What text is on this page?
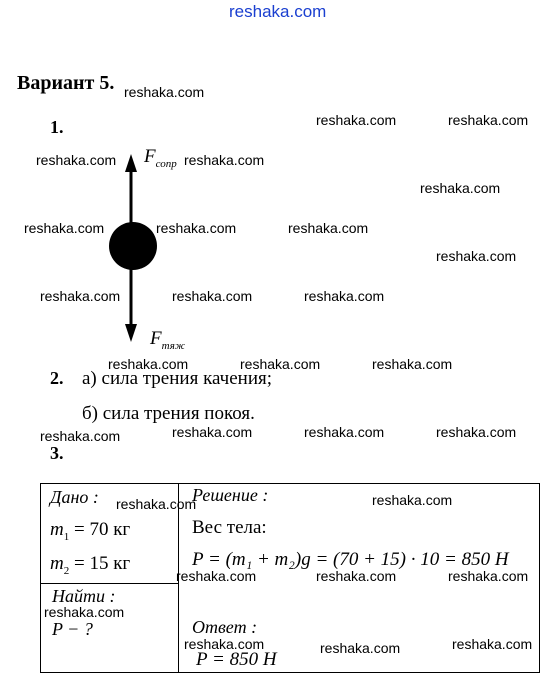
reshaka.com
Вариант 5.
1.
$F_{сопр}$
$F_{тяж}$
2. а) сила трения качения;
б) сила трения покоя.
3.
Дано :
$m_1 = 70$ кг
$m_2 = 15$ кг
Найти :
P − ?
Решение :
Вес тела:
P = (m₁ + m₂)g = (70 + 15) · 10 = 850 Н
Ответ :
P = 850 Н
reshaka.com
reshaka.com	reshaka.com
reshaka.com	reshaka.com
reshaka.com
reshaka.com	reshaka.com	reshaka.com
reshaka.com
reshaka.com	reshaka.com	reshaka.com
reshaka.com	reshaka.com	reshaka.com
reshaka.com	reshaka.com	reshaka.com	reshaka.com
reshaka.com	reshaka.com
reshaka.com	reshaka.com	reshaka.com
reshaka.com
reshaka.com	reshaka.com	reshaka.com
